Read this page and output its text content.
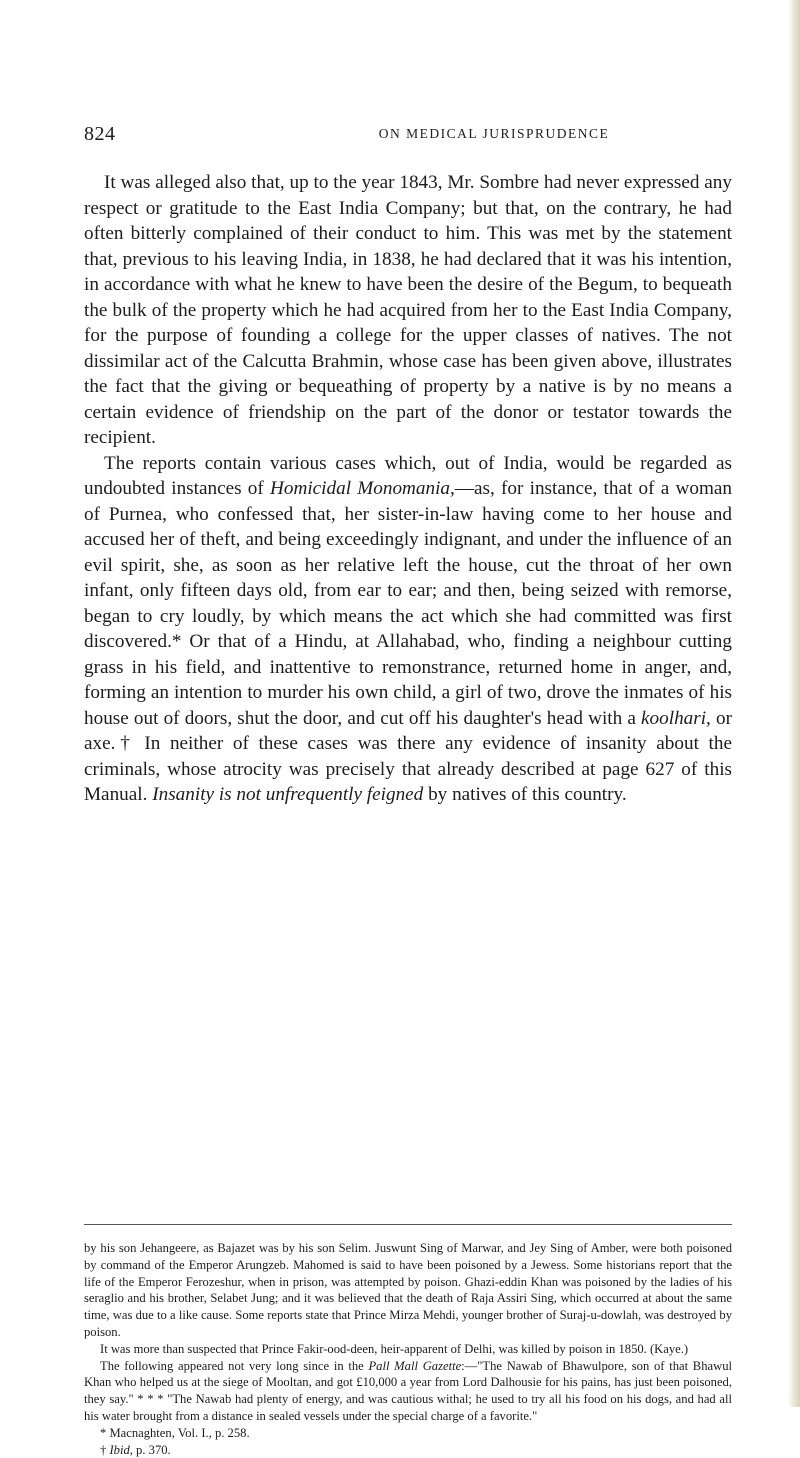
824	ON MEDICAL JURISPRUDENCE

It was alleged also that, up to the year 1843, Mr. Sombre had never expressed any respect or gratitude to the East India Company; but that, on the contrary, he had often bitterly complained of their conduct to him. This was met by the statement that, previous to his leaving India, in 1838, he had declared that it was his intention, in accordance with what he knew to have been the desire of the Begum, to bequeath the bulk of the property which he had acquired from her to the East India Company, for the purpose of founding a college for the upper classes of natives. The not dissimilar act of the Calcutta Brahmin, whose case has been given above, illustrates the fact that the giving or bequeathing of property by a native is by no means a certain evidence of friendship on the part of the donor or testator towards the recipient.

The reports contain various cases which, out of India, would be regarded as undoubted instances of Homicidal Monomania,—as, for instance, that of a woman of Purnea, who confessed that, her sister-in-law having come to her house and accused her of theft, and being exceedingly indignant, and under the influence of an evil spirit, she, as soon as her relative left the house, cut the throat of her own infant, only fifteen days old, from ear to ear; and then, being seized with remorse, began to cry loudly, by which means the act which she had committed was first discovered.* Or that of a Hindu, at Allahabad, who, finding a neighbour cutting grass in his field, and inattentive to remonstrance, returned home in anger, and, forming an intention to murder his own child, a girl of two, drove the inmates of his house out of doors, shut the door, and cut off his daughter's head with a koolhari, or axe.† In neither of these cases was there any evidence of insanity about the criminals, whose atrocity was precisely that already described at page 627 of this Manual. Insanity is not unfrequently feigned by natives of this country.

by his son Jehangeere, as Bajazet was by his son Selim. Juswunt Sing of Marwar, and Jey Sing of Amber, were both poisoned by command of the Emperor Arungzeb. Mahomed is said to have been poisoned by a Jewess. Some historians report that the life of the Emperor Ferozeshur, when in prison, was attempted by poison. Ghazi-eddin Khan was poisoned by the ladies of his seraglio and his brother, Selabet Jung; and it was believed that the death of Raja Assiri Sing, which occurred at about the same time, was due to a like cause. Some reports state that Prince Mirza Mehdi, younger brother of Suraj-u-dowlah, was destroyed by poison.

It was more than suspected that Prince Fakir-ood-deen, heir-apparent of Delhi, was killed by poison in 1850. (Kaye.)

The following appeared not very long since in the Pall Mall Gazette:—"The Nawab of Bhawulpore, son of that Bhawul Khan who helped us at the siege of Mooltan, and got £10,000 a year from Lord Dalhousie for his pains, has just been poisoned, they say." * * * "The Nawab had plenty of energy, and was cautious withal; he used to try all his food on his dogs, and had all his water brought from a distance in sealed vessels under the special charge of a favorite."

* Macnaghten, Vol. I., p. 258.

† Ibid, p. 370.
